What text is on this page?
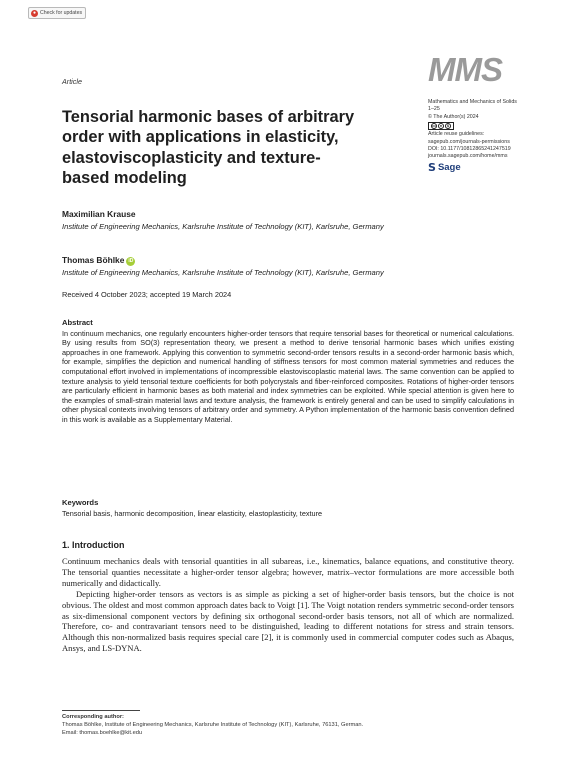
● Check for updates
Article	MMS
Mathematics and Mechanics of Solids
1–25
© The Author(s) 2024
cc ●	$
Article reuse guidelines:
sagepub.com/journals-permissions
DOI: 10.1177/10812865241247519
journals.sagepub.com/home/mms
S Sage
Tensorial harmonic bases of arbitrary order with applications in elasticity, elastoviscoplasticity and texture-based modeling
Maximilian Krause
Institute of Engineering Mechanics, Karlsruhe Institute of Technology (KIT), Karlsruhe, Germany
Thomas Böhlke iD
Institute of Engineering Mechanics, Karlsruhe Institute of Technology (KIT), Karlsruhe, Germany
Received 4 October 2023; accepted 19 March 2024
Abstract

In continuum mechanics, one regularly encounters higher-order tensors that require tensorial bases for theoretical or numerical calculations. By using results from SO(3) representation theory, we present a method to derive tensorial harmonic bases which unifies existing approaches in one framework. Applying this convention to symmetric second-order tensors results in a second-order harmonic basis which, for example, simplifies the depiction and numerical handling of stiffness tensors for most common material symmetries and reduces the computational effort involved in implementations of incompressible elastoviscoplastic material laws. The same convention can be applied to texture analysis to yield tensorial texture coefficients for both polycrystals and fiber-reinforced composites. Rotations of higher-order tensors are particularly efficient in harmonic bases as both material and index symmetries can be exploited. While special attention is given here to the examples of small-strain material laws and texture analysis, the framework is entirely general and can be used to simplify calculations in other physical contexts involving tensors of arbitrary order and symmetry. A Python implementation of the harmonic basis convention defined in this work is available as a Supplementary Material.

Keywords

Tensorial basis, harmonic decomposition, linear elasticity, elastoplasticity, texture

1. Introduction

Continuum mechanics deals with tensorial quantities in all subareas, i.e., kinematics, balance equations, and constitutive theory. The tensorial quanties necessitate a higher-order tensor algebra; however, matrix–vector formulations are more accessible both numerically and didactically.

Depicting higher-order tensors as vectors is as simple as picking a set of higher-order basis tensors, but the choice is not obvious. The oldest and most common approach dates back to Voigt [1]. The Voigt notation renders symmetric second-order tensors as six-dimensional component vectors by defining six orthogonal second-order basis tensors, not all of which are normalized. Therefore, co- and contravariant tensors need to be distinguished, leading to different notations for stress and strain tensors. Although this non-normalized basis requires special care [2], it is commonly used in commercial computer codes such as Abaqus, Ansys, and LS-DYNA.

Corresponding author:
Thomas Böhlke, Institute of Engineering Mechanics, Karlsruhe Institute of Technology (KIT), Karlsruhe, 76131, German.
Email: thomas.boehlke@kit.edu
